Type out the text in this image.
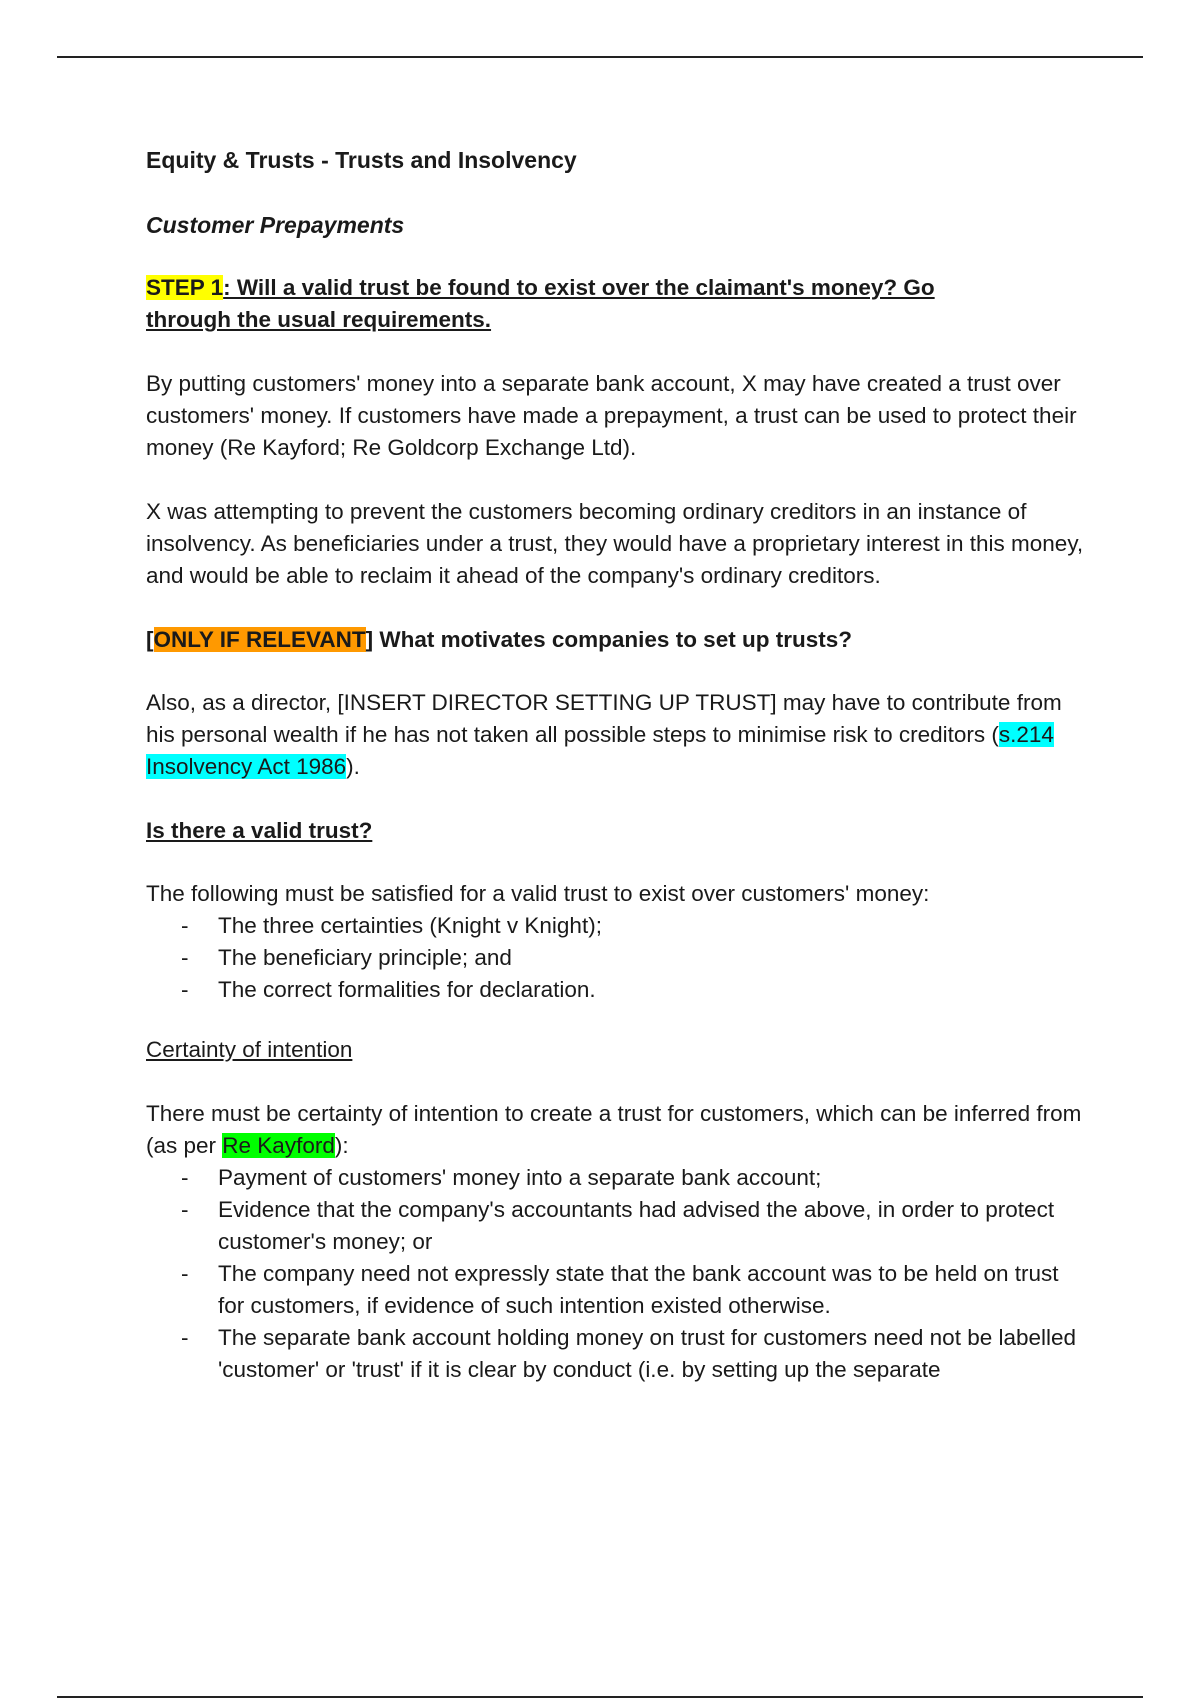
Equity & Trusts - Trusts and Insolvency
Customer Prepayments
STEP 1: Will a valid trust be found to exist over the claimant's money? Go
through the usual requirements.

By putting customers' money into a separate bank account, X may have created a trust over customers' money. If customers have made a prepayment, a trust can be used to protect their money (Re Kayford; Re Goldcorp Exchange Ltd).

X was attempting to prevent the customers becoming ordinary creditors in an instance of insolvency. As beneficiaries under a trust, they would have a proprietary interest in this money, and would be able to reclaim it ahead of the company's ordinary creditors.

[ONLY IF RELEVANT] What motivates companies to set up trusts?

Also, as a director, [INSERT DIRECTOR SETTING UP TRUST] may have to contribute from his personal wealth if he has not taken all possible steps to minimise risk to creditors (s.214 Insolvency Act 1986).

Is there a valid trust?

The following must be satisfied for a valid trust to exist over customers' money:

- The three certainties (Knight v Knight);
- The beneficiary principle; and
- The correct formalities for declaration.
Certainty of intention

There must be certainty of intention to create a trust for customers, which can be inferred from (as per Re Kayford):

- Payment of customers' money into a separate bank account;
- Evidence that the company's accountants had advised the above, in order to protect customer's money; or
- The company need not expressly state that the bank account was to be held on trust for customers, if evidence of such intention existed otherwise.
- The separate bank account holding money on trust for customers need not be labelled 'customer' or 'trust' if it is clear by conduct (i.e. by setting up the separate
